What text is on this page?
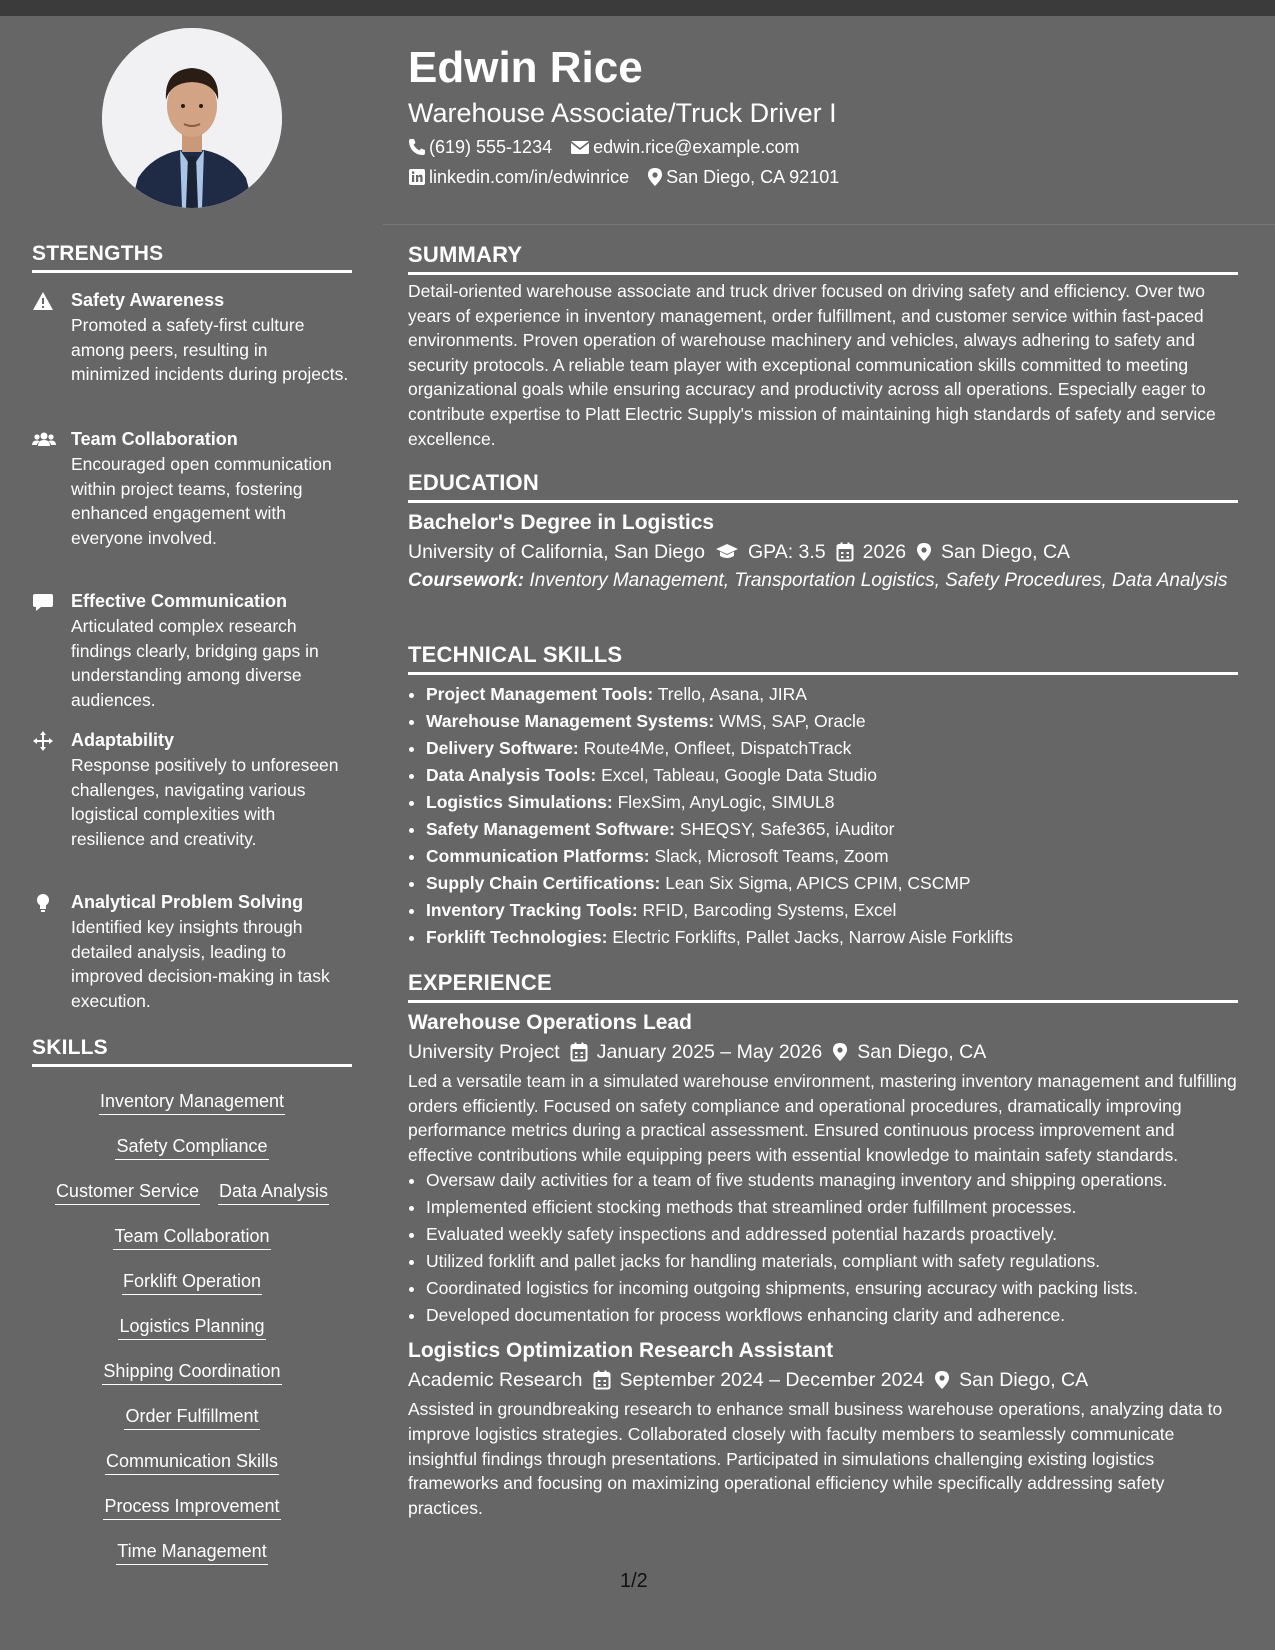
STRENGTHS
Safety Awareness
Promoted a safety-first culture among peers, resulting in minimized incidents during projects.
Team Collaboration
Encouraged open communication within project teams, fostering enhanced engagement with everyone involved.
Effective Communication
Articulated complex research findings clearly, bridging gaps in understanding among diverse audiences.
Adaptability
Response positively to unforeseen challenges, navigating various logistical complexities with resilience and creativity.
Analytical Problem Solving
Identified key insights through detailed analysis, leading to improved decision-making in task execution.
SKILLS
Inventory Management
Safety Compliance
Customer Service Data Analysis
Team Collaboration
Forklift Operation
Logistics Planning
Shipping Coordination
Order Fulfillment
Communication Skills
Process Improvement
Time Management
Edwin Rice
Warehouse Associate/Truck Driver I
(619) 555-1234 edwin.rice@example.com
linkedin.com/in/edwinrice San Diego, CA 92101
SUMMARY
Detail-oriented warehouse associate and truck driver focused on driving safety and efficiency. Over two years of experience in inventory management, order fulfillment, and customer service within fast-paced environments. Proven operation of warehouse machinery and vehicles, always adhering to safety and security protocols. A reliable team player with exceptional communication skills committed to meeting organizational goals while ensuring accuracy and productivity across all operations. Especially eager to contribute expertise to Platt Electric Supply's mission of maintaining high standards of safety and service excellence.
EDUCATION
Bachelor's Degree in Logistics
University of California, San Diego GPA: 3.5 2026 San Diego, CA
Coursework: Inventory Management, Transportation Logistics, Safety Procedures, Data Analysis
TECHNICAL SKILLS
• Project Management Tools: Trello, Asana, JIRA
• Warehouse Management Systems: WMS, SAP, Oracle
• Delivery Software: Route4Me, Onfleet, DispatchTrack
• Data Analysis Tools: Excel, Tableau, Google Data Studio
• Logistics Simulations: FlexSim, AnyLogic, SIMUL8
• Safety Management Software: SHEQSY, Safe365, iAuditor
• Communication Platforms: Slack, Microsoft Teams, Zoom
• Supply Chain Certifications: Lean Six Sigma, APICS CPIM, CSCMP
• Inventory Tracking Tools: RFID, Barcoding Systems, Excel
• Forklift Technologies: Electric Forklifts, Pallet Jacks, Narrow Aisle Forklifts
EXPERIENCE
Warehouse Operations Lead
University Project January 2025 – May 2026 San Diego, CA
Led a versatile team in a simulated warehouse environment, mastering inventory management and fulfilling orders efficiently. Focused on safety compliance and operational procedures, dramatically improving performance metrics during a practical assessment. Ensured continuous process improvement and effective contributions while equipping peers with essential knowledge to maintain safety standards.
• Oversaw daily activities for a team of five students managing inventory and shipping operations.
• Implemented efficient stocking methods that streamlined order fulfillment processes.
• Evaluated weekly safety inspections and addressed potential hazards proactively.
• Utilized forklift and pallet jacks for handling materials, compliant with safety regulations.
• Coordinated logistics for incoming outgoing shipments, ensuring accuracy with packing lists.
• Developed documentation for process workflows enhancing clarity and adherence.
Logistics Optimization Research Assistant
Academic Research September 2024 – December 2024 San Diego, CA
Assisted in groundbreaking research to enhance small business warehouse operations, analyzing data to improve logistics strategies. Collaborated closely with faculty members to seamlessly communicate insightful findings through presentations. Participated in simulations challenging existing logistics frameworks and focusing on maximizing operational efficiency while specifically addressing safety practices.
1/2
